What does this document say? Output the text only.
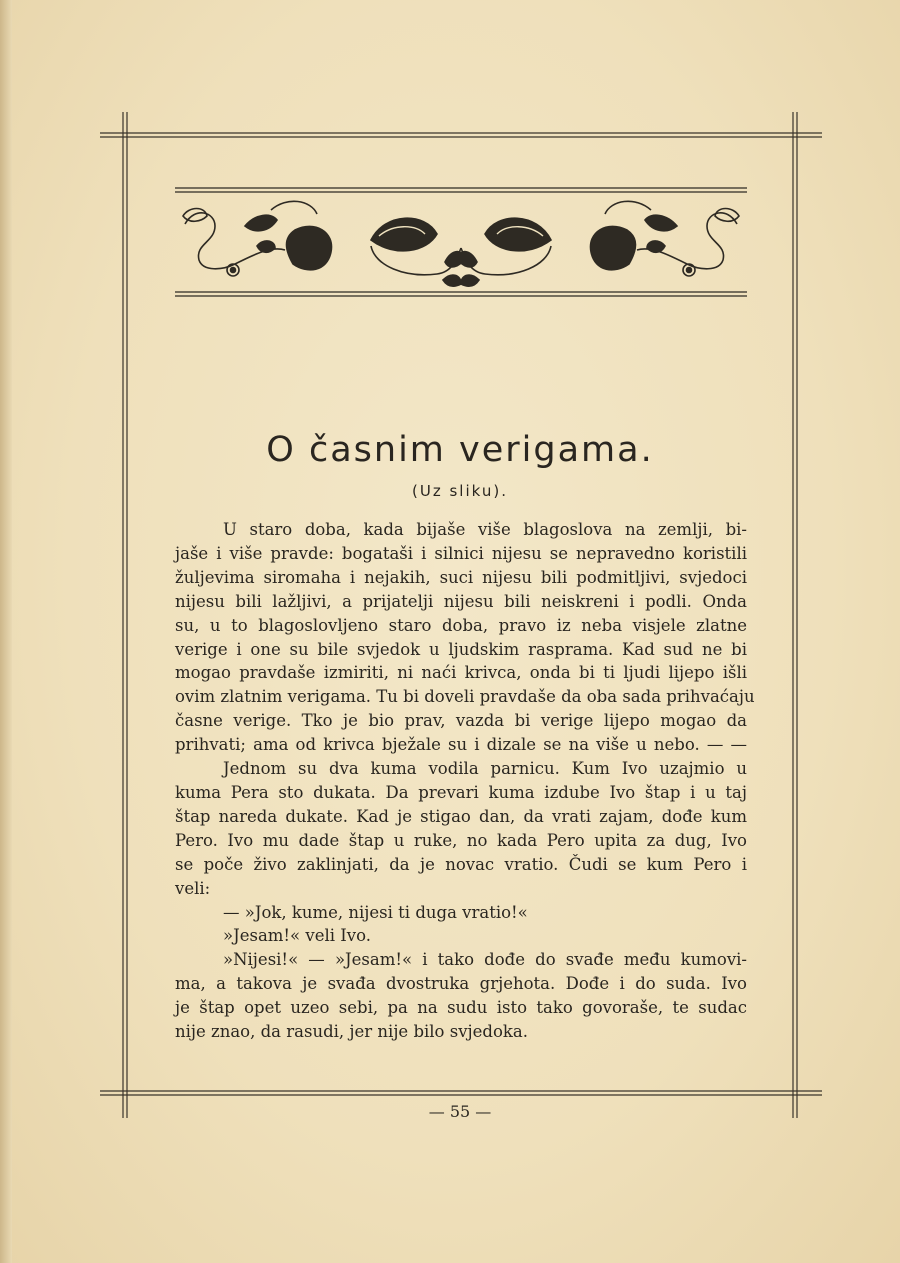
O časnim verigama.
(Uz sliku).
U staro doba, kada bijaše više blagoslova na zemlji, bi-
jaše i više pravde: bogataši i silnici nijesu se nepravedno koristili
žuljevima siromaha i nejakih, suci nijesu bili podmitljivi, svjedoci
nijesu bili lažljivi, a prijatelji nijesu bili neiskreni i podli. Onda
su, u to blagoslovljeno staro doba, pravo iz neba visjele zlatne
verige i one su bile svjedok u ljudskim rasprama. Kad sud ne bi
mogao pravdaše izmiriti, ni naći krivca, onda bi ti ljudi lijepo išli
ovim zlatnim verigama. Tu bi doveli pravdaše da oba sada prihvaćaju
časne verige. Tko je bio prav, vazda bi verige lijepo mogao da
prihvati; ama od krivca bježale su i dizale se na više u nebo. — —
Jednom su dva kuma vodila parnicu. Kum Ivo uzajmio u
kuma Pera sto dukata. Da prevari kuma izdube Ivo štap i u taj
štap nareda dukate. Kad je stigao dan, da vrati zajam, dođe kum
Pero. Ivo mu dade štap u ruke, no kada Pero upita za dug, Ivo
se poče živo zaklinjati, da je novac vratio. Čudi se kum Pero i
veli:
— »Jok, kume, nijesi ti duga vratio!«
»Jesam!« veli Ivo.
»Nijesi!« — »Jesam!« i tako dođe do svađe među kumovi-
ma, a takova je svađa dvostruka grjehota. Dođe i do suda. Ivo
je štap opet uzeo sebi, pa na sudu isto tako govoraše, te sudac
nije znao, da rasudi, jer nije bilo svjedoka.
— 55 —
